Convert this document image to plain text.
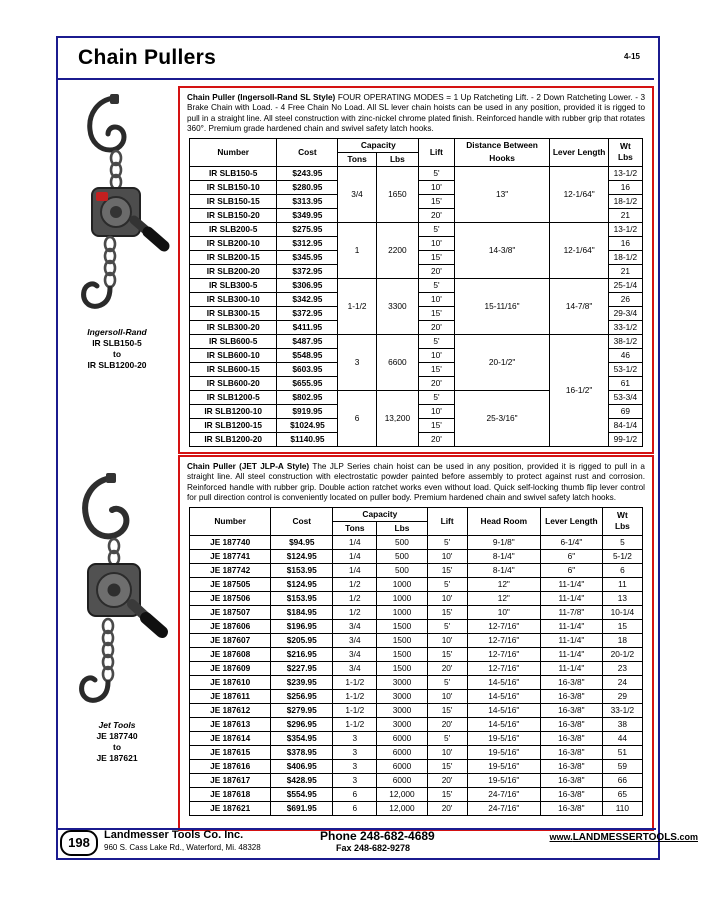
Chain Pullers	4-15
Ingersoll-Rand
IR SLB150-5
to
IR SLB1200-20
Jet Tools
JE 187740
to
JE 187621
Chain Puller (Ingersoll-Rand SL Style) FOUR OPERATING MODES = 1 Up Ratcheting Lift. - 2 Down Ratcheting Lower. - 3 Brake Chain with Load. - 4 Free Chain No Load. All SL lever chain hoists can be used in any position, provided it is rigged to pull in a straight line. All steel construction with zinc-nickel chrome plated finish. Reinforced handle with rubber grip that rotates 360°. Premium grade hardened chain and swivel safety latch hooks.
Number	Cost	Capacity		Lift	Distance Between Hooks	Lever Length	Wt
Lbs
		Tons	Lbs				
IR SLB150-5	$243.95	3/4	1650	5'	13"	12-1/64"	13-1/2
IR SLB150-10	$280.95			10'			16
IR SLB150-15	$313.95			15'			18-1/2
IR SLB150-20	$349.95			20'			21
IR SLB200-5	$275.95	1	2200	5'	14-3/8"	12-1/64"	13-1/2
IR SLB200-10	$312.95			10'			16
IR SLB200-15	$345.95			15'			18-1/2
IR SLB200-20	$372.95			20'			21
IR SLB300-5	$306.95	1-1/2	3300	5'	15-11/16"	14-7/8"	25-1/4
IR SLB300-10	$342.95			10'			26
IR SLB300-15	$372.95			15'			29-3/4
IR SLB300-20	$411.95			20'			33-1/2
IR SLB600-5	$487.95	3	6600	5'	20-1/2"	16-1/2"	38-1/2
IR SLB600-10	$548.95			10'			46
IR SLB600-15	$603.95			15'			53-1/2
IR SLB600-20	$655.95			20'			61
IR SLB1200-5	$802.95	6	13,200	5'	25-3/16"		53-3/4
IR SLB1200-10	$919.95			10'			69
IR SLB1200-15	$1024.95			15'			84-1/4
IR SLB1200-20	$1140.95			20'			99-1/2
Chain Puller (JET JLP-A Style) The JLP Series chain hoist can be used in any position, provided it is rigged to pull in a straight line. All steel construction with electrostatic powder painted before assembly to protect against rust and corrosion. Reinforced handle with rubber grip. Double action ratchet works even without load. Quick self-locking thumb flip lever control for pull direction control is conveniently located on puller body. Premium hardened chain and swivel safety latch hooks.
Number	Cost	Capacity		Lift	Head Room	Lever Length	Wt
Lbs
		Tons	Lbs				
JE 187740	$94.95	1/4	500	5'	9-1/8"	6-1/4"	5
JE 187741	$124.95	1/4	500	10'	8-1/4"	6"	5-1/2
JE 187742	$153.95	1/4	500	15'	8-1/4"	6"	6
JE 187505	$124.95	1/2	1000	5'	12"	11-1/4"	11
JE 187506	$153.95	1/2	1000	10'	12"	11-1/4"	13
JE 187507	$184.95	1/2	1000	15'	10"	11-7/8"	10-1/4
JE 187606	$196.95	3/4	1500	5'	12-7/16"	11-1/4"	15
JE 187607	$205.95	3/4	1500	10'	12-7/16"	11-1/4"	18
JE 187608	$216.95	3/4	1500	15'	12-7/16"	11-1/4"	20-1/2
JE 187609	$227.95	3/4	1500	20'	12-7/16"	11-1/4"	23
JE 187610	$239.95	1-1/2	3000	5'	14-5/16"	16-3/8"	24
JE 187611	$256.95	1-1/2	3000	10'	14-5/16"	16-3/8"	29
JE 187612	$279.95	1-1/2	3000	15'	14-5/16"	16-3/8"	33-1/2
JE 187613	$296.95	1-1/2	3000	20'	14-5/16"	16-3/8"	38
JE 187614	$354.95	3	6000	5'	19-5/16"	16-3/8"	44
JE 187615	$378.95	3	6000	10'	19-5/16"	16-3/8"	51
JE 187616	$406.95	3	6000	15'	19-5/16"	16-3/8"	59
JE 187617	$428.95	3	6000	20'	19-5/16"	16-3/8"	66
JE 187618	$554.95	6	12,000	15'	24-7/16"	16-3/8"	65
JE 187621	$691.95	6	12,000	20'	24-7/16"	16-3/8"	110
198	Landmesser Tools Co. Inc.
960 S. Cass Lake Rd., Waterford, Mi. 48328
Phone 248-682-4689
Fax 248-682-9278
www.LANDMESSERTOOLS.com
